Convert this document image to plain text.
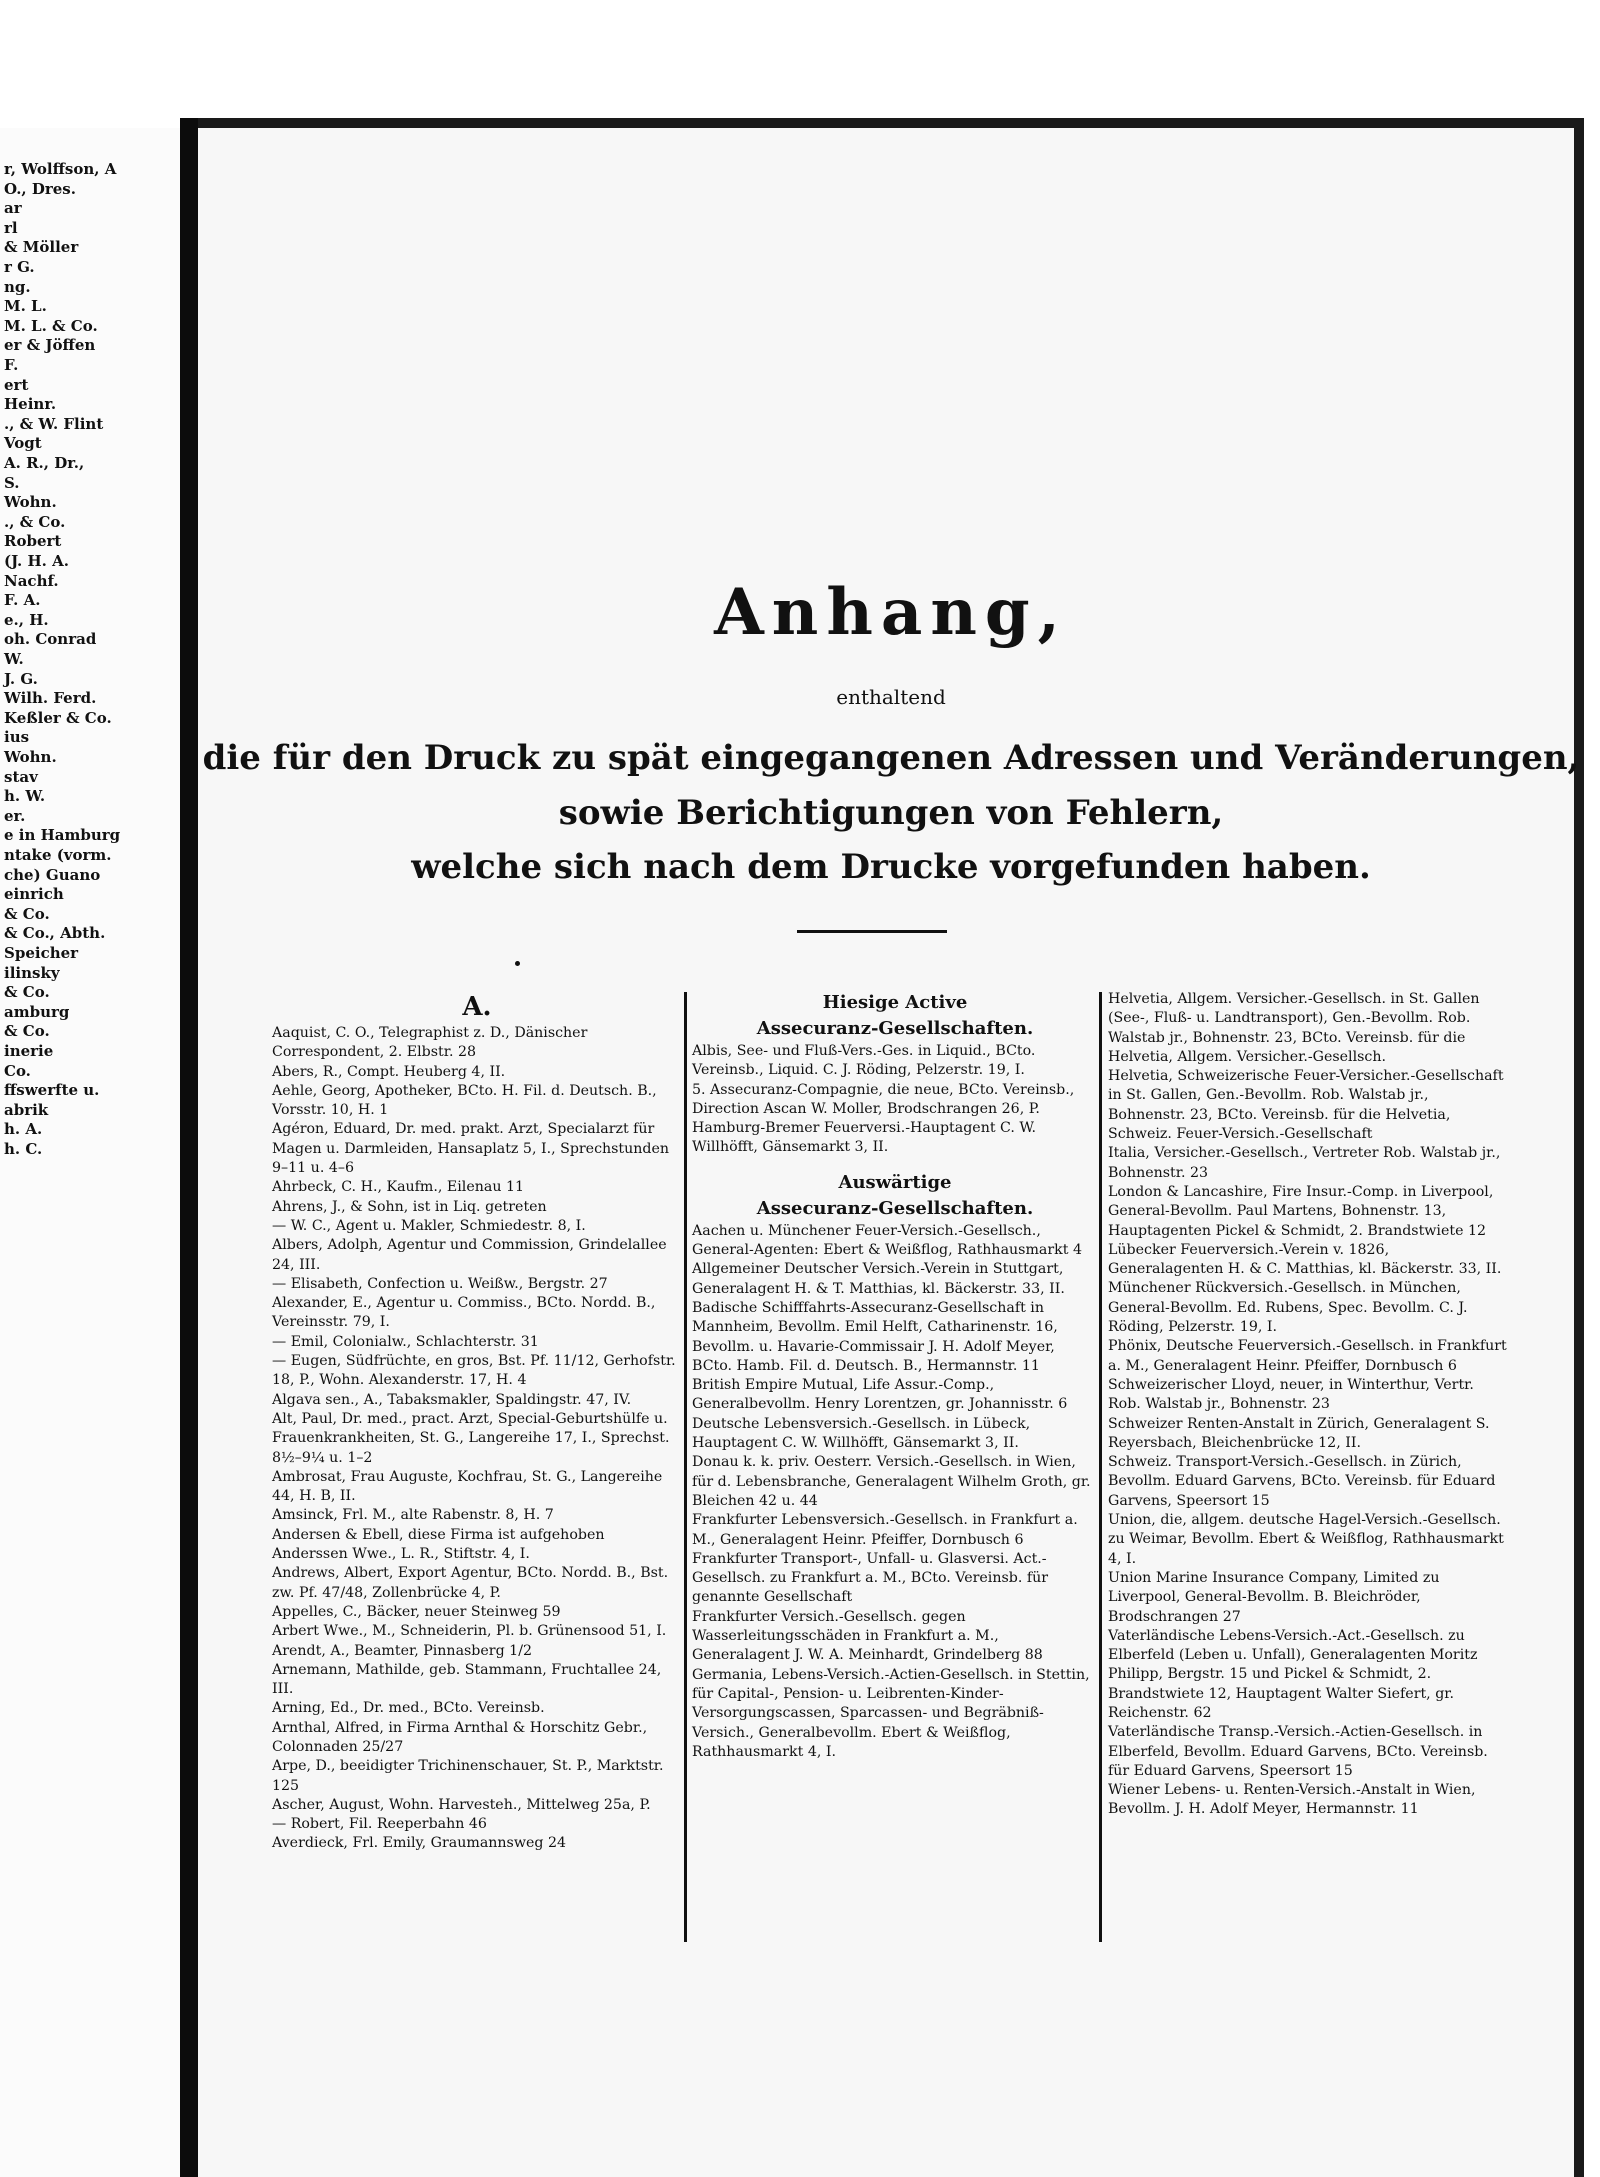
r, Wolffson, A
O., Dres.
ar
rl
& Möller
r G.
ng.
M. L.
M. L. & Co.
er & Jöffen
F.
ert
Heinr.
., & W. Flint
Vogt
A. R., Dr.,
S.
Wohn.
., & Co.
Robert
(J. H. A.
Nachf.
F. A.
e., H.
oh. Conrad
W.
J. G.
Wilh. Ferd.
Keßler & Co.
ius
Wohn.
stav
h. W.
er.
e in Hamburg
ntake (vorm.
che) Guano
einrich
& Co.
& Co., Abth.
Speicher
ilinsky
& Co.
amburg
& Co.
inerie
Co.
ffswerfte u.
abrik
h. A.
h. C.
Anhang,
enthaltend
die für den Druck zu spät eingegangenen Adressen und Veränderungen,
sowie Berichtigungen von Fehlern,
welche sich nach dem Drucke vorgefunden haben.
A.
Aaquist, C. O., Telegraphist z. D., Dänischer Correspondent, 2. Elbstr. 28
Abers, R., Compt. Heuberg 4, II.
Aehle, Georg, Apotheker, BCto. H. Fil. d. Deutsch. B., Vorsstr. 10, H. 1
Agéron, Eduard, Dr. med. prakt. Arzt, Specialarzt für Magen u. Darmleiden, Hansaplatz 5, I., Sprechstunden 9–11 u. 4–6
Ahrbeck, C. H., Kaufm., Eilenau 11
Ahrens, J., & Sohn, ist in Liq. getreten
— W. C., Agent u. Makler, Schmiedestr. 8, I.
Albers, Adolph, Agentur und Commission, Grindelallee 24, III.
— Elisabeth, Confection u. Weißw., Bergstr. 27
Alexander, E., Agentur u. Commiss., BCto. Nordd. B., Vereinsstr. 79, I.
— Emil, Colonialw., Schlachterstr. 31
— Eugen, Südfrüchte, en gros, Bst. Pf. 11/12, Gerhofstr. 18, P., Wohn. Alexanderstr. 17, H. 4
Algava sen., A., Tabaksmakler, Spaldingstr. 47, IV.
Alt, Paul, Dr. med., pract. Arzt, Special-Geburtshülfe u. Frauenkrankheiten, St. G., Langereihe 17, I., Sprechst. 8½–9¼ u. 1–2
Ambrosat, Frau Auguste, Kochfrau, St. G., Langereihe 44, H. B, II.
Amsinck, Frl. M., alte Rabenstr. 8, H. 7
Andersen & Ebell, diese Firma ist aufgehoben
Anderssen Wwe., L. R., Stiftstr. 4, I.
Andrews, Albert, Export Agentur, BCto. Nordd. B., Bst. zw. Pf. 47/48, Zollenbrücke 4, P.
Appelles, C., Bäcker, neuer Steinweg 59
Arbert Wwe., M., Schneiderin, Pl. b. Grünensood 51, I.
Arendt, A., Beamter, Pinnasberg 1/2
Arnemann, Mathilde, geb. Stammann, Fruchtallee 24, III.
Arning, Ed., Dr. med., BCto. Vereinsb.
Arnthal, Alfred, in Firma Arnthal & Horschitz Gebr., Colonnaden 25/27
Arpe, D., beeidigter Trichinenschauer, St. P., Marktstr. 125
Ascher, August, Wohn. Harvesteh., Mittelweg 25a, P.
— Robert, Fil. Reeperbahn 46
Averdieck, Frl. Emily, Graumannsweg 24
Hiesige Active
Assecuranz-Gesellschaften.
Albis, See- und Fluß-Vers.-Ges. in Liquid., BCto. Vereinsb., Liquid. C. J. Röding, Pelzerstr. 19, I.
5. Assecuranz-Compagnie, die neue, BCto. Vereinsb., Direction Ascan W. Moller, Brodschrangen 26, P.
Hamburg-Bremer Feuerversi.-Hauptagent C. W. Willhöfft, Gänsemarkt 3, II.
Auswärtige
Assecuranz-Gesellschaften.
Aachen u. Münchener Feuer-Versich.-Gesellsch., General-Agenten: Ebert & Weißflog, Rathhausmarkt 4
Allgemeiner Deutscher Versich.-Verein in Stuttgart, Generalagent H. & T. Matthias, kl. Bäckerstr. 33, II.
Badische Schifffahrts-Assecuranz-Gesellschaft in Mannheim, Bevollm. Emil Helft, Catharinenstr. 16, Bevollm. u. Havarie-Commissair J. H. Adolf Meyer, BCto. Hamb. Fil. d. Deutsch. B., Hermannstr. 11
British Empire Mutual, Life Assur.-Comp., Generalbevollm. Henry Lorentzen, gr. Johannisstr. 6
Deutsche Lebensversich.-Gesellsch. in Lübeck, Hauptagent C. W. Willhöfft, Gänsemarkt 3, II.
Donau k. k. priv. Oesterr. Versich.-Gesellsch. in Wien, für d. Lebensbranche, Generalagent Wilhelm Groth, gr. Bleichen 42 u. 44
Frankfurter Lebensversich.-Gesellsch. in Frankfurt a. M., Generalagent Heinr. Pfeiffer, Dornbusch 6
Frankfurter Transport-, Unfall- u. Glasversi. Act.-Gesellsch. zu Frankfurt a. M., BCto. Vereinsb. für genannte Gesellschaft
Frankfurter Versich.-Gesellsch. gegen Wasserleitungsschäden in Frankfurt a. M., Generalagent J. W. A. Meinhardt, Grindelberg 88
Germania, Lebens-Versich.-Actien-Gesellsch. in Stettin, für Capital-, Pension- u. Leibrenten-Kinder-Versorgungscassen, Sparcassen- und Begräbniß-Versich., Generalbevollm. Ebert & Weißflog, Rathhausmarkt 4, I.
Helvetia, Allgem. Versicher.-Gesellsch. in St. Gallen (See-, Fluß- u. Landtransport), Gen.-Bevollm. Rob. Walstab jr., Bohnenstr. 23, BCto. Vereinsb. für die Helvetia, Allgem. Versicher.-Gesellsch.
Helvetia, Schweizerische Feuer-Versicher.-Gesellschaft in St. Gallen, Gen.-Bevollm. Rob. Walstab jr., Bohnenstr. 23, BCto. Vereinsb. für die Helvetia, Schweiz. Feuer-Versich.-Gesellschaft
Italia, Versicher.-Gesellsch., Vertreter Rob. Walstab jr., Bohnenstr. 23
London & Lancashire, Fire Insur.-Comp. in Liverpool, General-Bevollm. Paul Martens, Bohnenstr. 13, Hauptagenten Pickel & Schmidt, 2. Brandstwiete 12
Lübecker Feuerversich.-Verein v. 1826, Generalagenten H. & C. Matthias, kl. Bäckerstr. 33, II.
Münchener Rückversich.-Gesellsch. in München, General-Bevollm. Ed. Rubens, Spec. Bevollm. C. J. Röding, Pelzerstr. 19, I.
Phönix, Deutsche Feuerversich.-Gesellsch. in Frankfurt a. M., Generalagent Heinr. Pfeiffer, Dornbusch 6
Schweizerischer Lloyd, neuer, in Winterthur, Vertr. Rob. Walstab jr., Bohnenstr. 23
Schweizer Renten-Anstalt in Zürich, Generalagent S. Reyersbach, Bleichenbrücke 12, II.
Schweiz. Transport-Versich.-Gesellsch. in Zürich, Bevollm. Eduard Garvens, BCto. Vereinsb. für Eduard Garvens, Speersort 15
Union, die, allgem. deutsche Hagel-Versich.-Gesellsch. zu Weimar, Bevollm. Ebert & Weißflog, Rathhausmarkt 4, I.
Union Marine Insurance Company, Limited zu Liverpool, General-Bevollm. B. Bleichröder, Brodschrangen 27
Vaterländische Lebens-Versich.-Act.-Gesellsch. zu Elberfeld (Leben u. Unfall), Generalagenten Moritz Philipp, Bergstr. 15 und Pickel & Schmidt, 2. Brandstwiete 12, Hauptagent Walter Siefert, gr. Reichenstr. 62
Vaterländische Transp.-Versich.-Actien-Gesellsch. in Elberfeld, Bevollm. Eduard Garvens, BCto. Vereinsb. für Eduard Garvens, Speersort 15
Wiener Lebens- u. Renten-Versich.-Anstalt in Wien, Bevollm. J. H. Adolf Meyer, Hermannstr. 11
